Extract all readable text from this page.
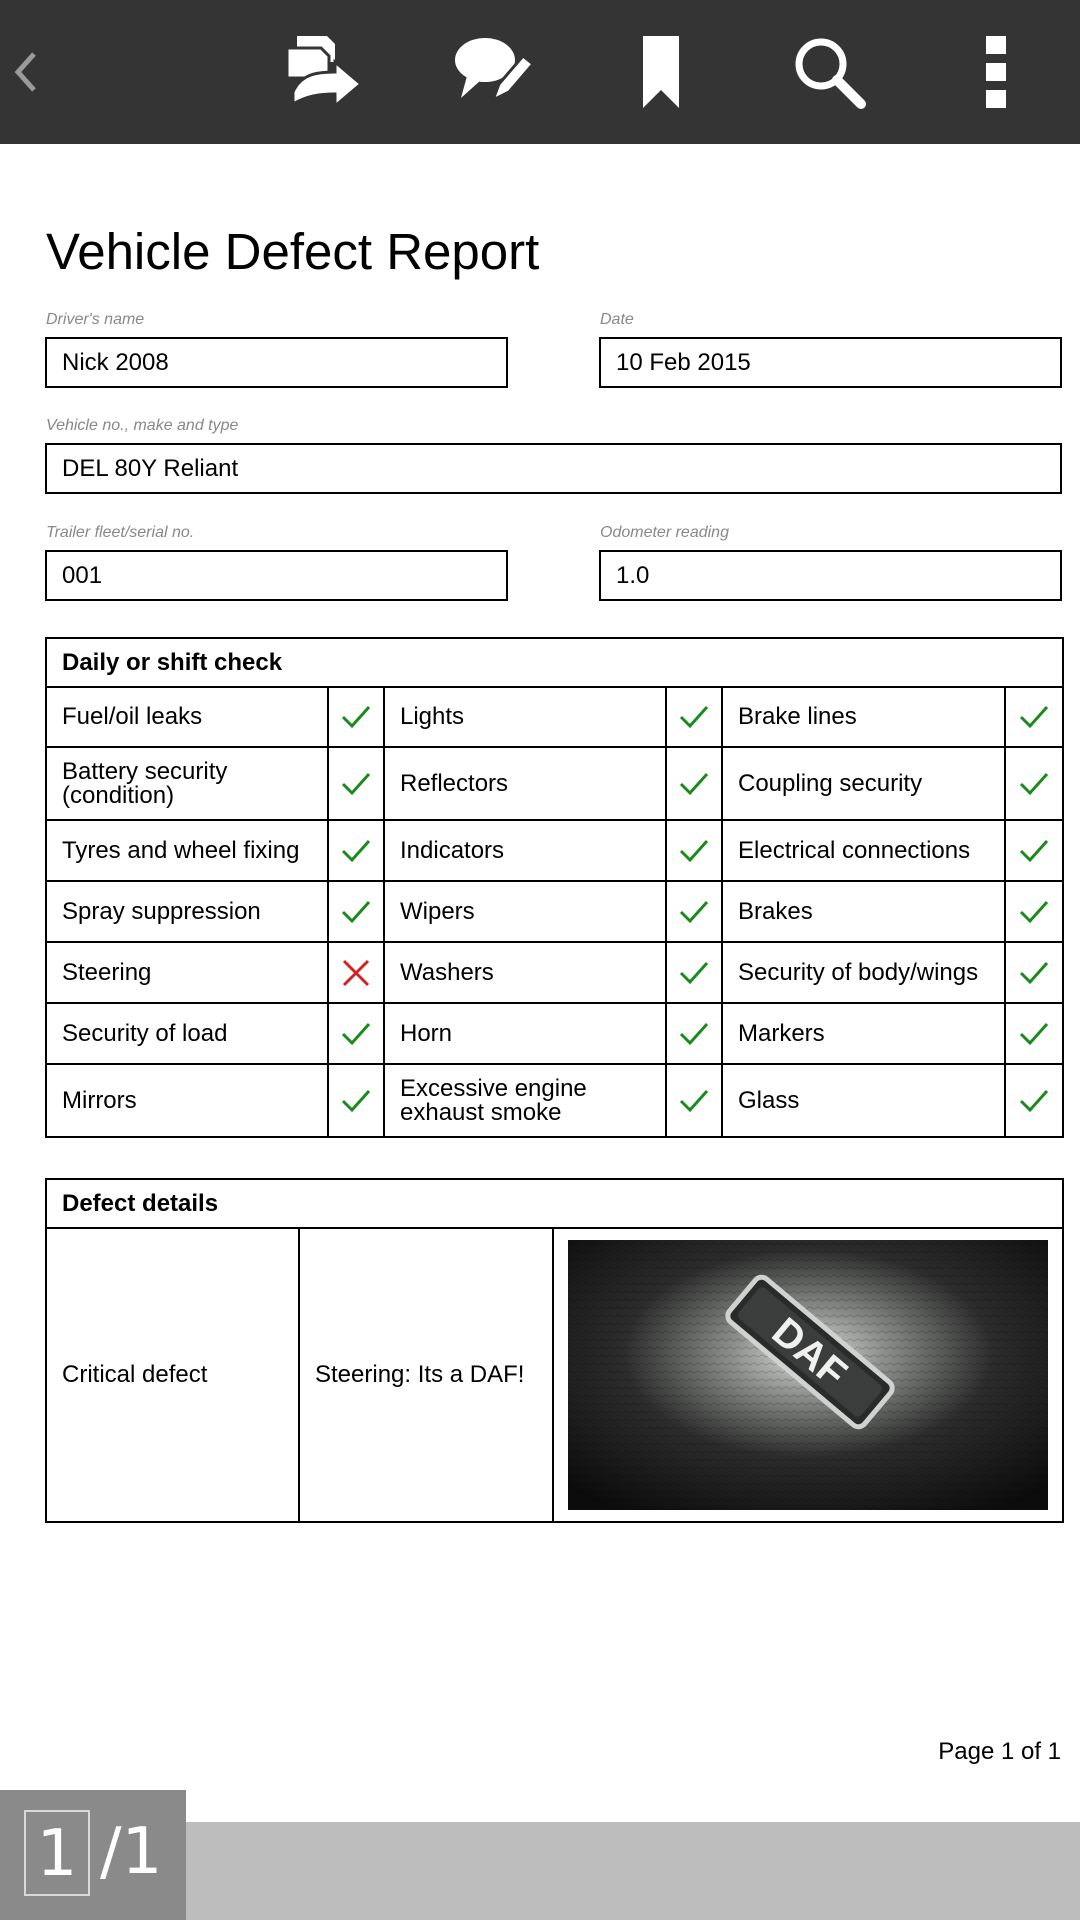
Vehicle Defect Report
Driver's name
Nick 2008
Date
10 Feb 2015
Vehicle no., make and type
DEL 80Y Reliant
Trailer fleet/serial no.
001
Odometer reading
1.0
Daily or shift check					
Fuel/oil leaks		Lights		Brake lines	

Battery security (condition)		Reflectors		Coupling security	

Tyres and wheel fixing		Indicators		Electrical connections	

Spray suppression		Wipers		Brakes	

Steering		Washers		Security of body/wings	

Security of load		Horn		Markers	

Mirrors		Excessive engine exhaust smoke		Glass	
Defect details
Critical defect	Steering: Its a DAF!	DAF
Page 1 of 1
1 /1
